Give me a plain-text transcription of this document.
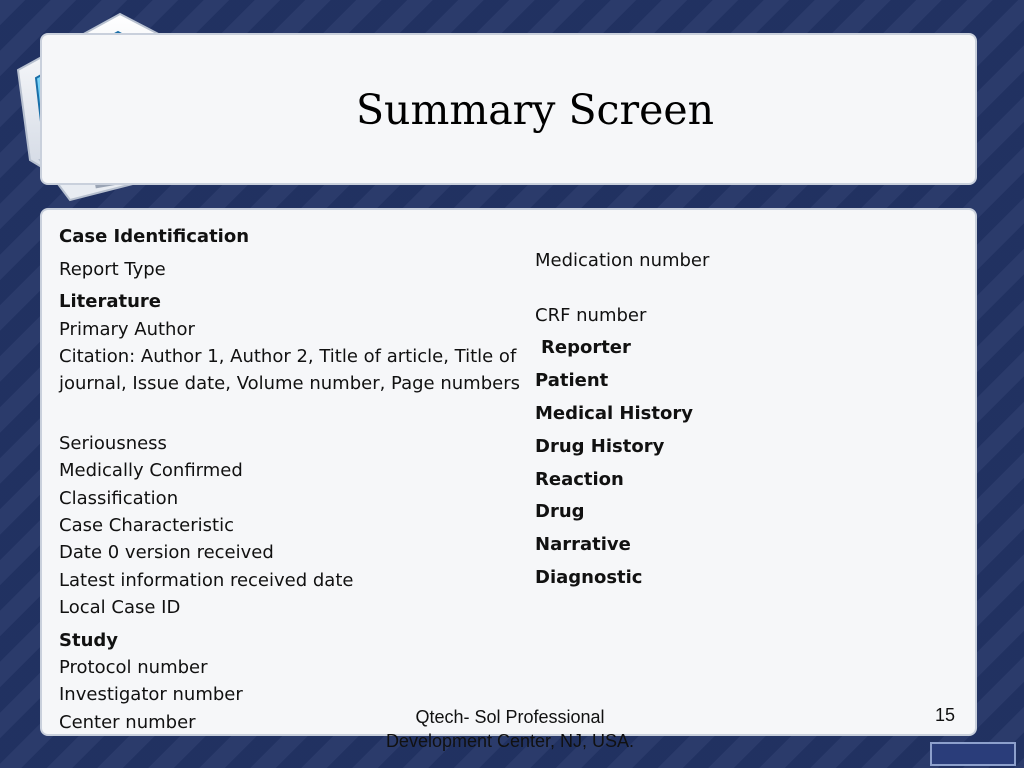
Summary Screen
Case Identification
Report Type
Literature
Primary Author
Citation: Author 1, Author 2, Title of article, Title of
journal, Issue date, Volume number, Page numbers
Seriousness
Medically Confirmed
Classification
Case Characteristic
Date 0 version received
Latest information received date
Local Case ID
Study
Protocol number
Investigator number
Center number
Medication number
CRF number
Reporter
Patient
Medical History
Drug History
Reaction
Drug
Narrative
Diagnostic
Qtech- Sol Professional
Development Center, NJ, USA.
15
